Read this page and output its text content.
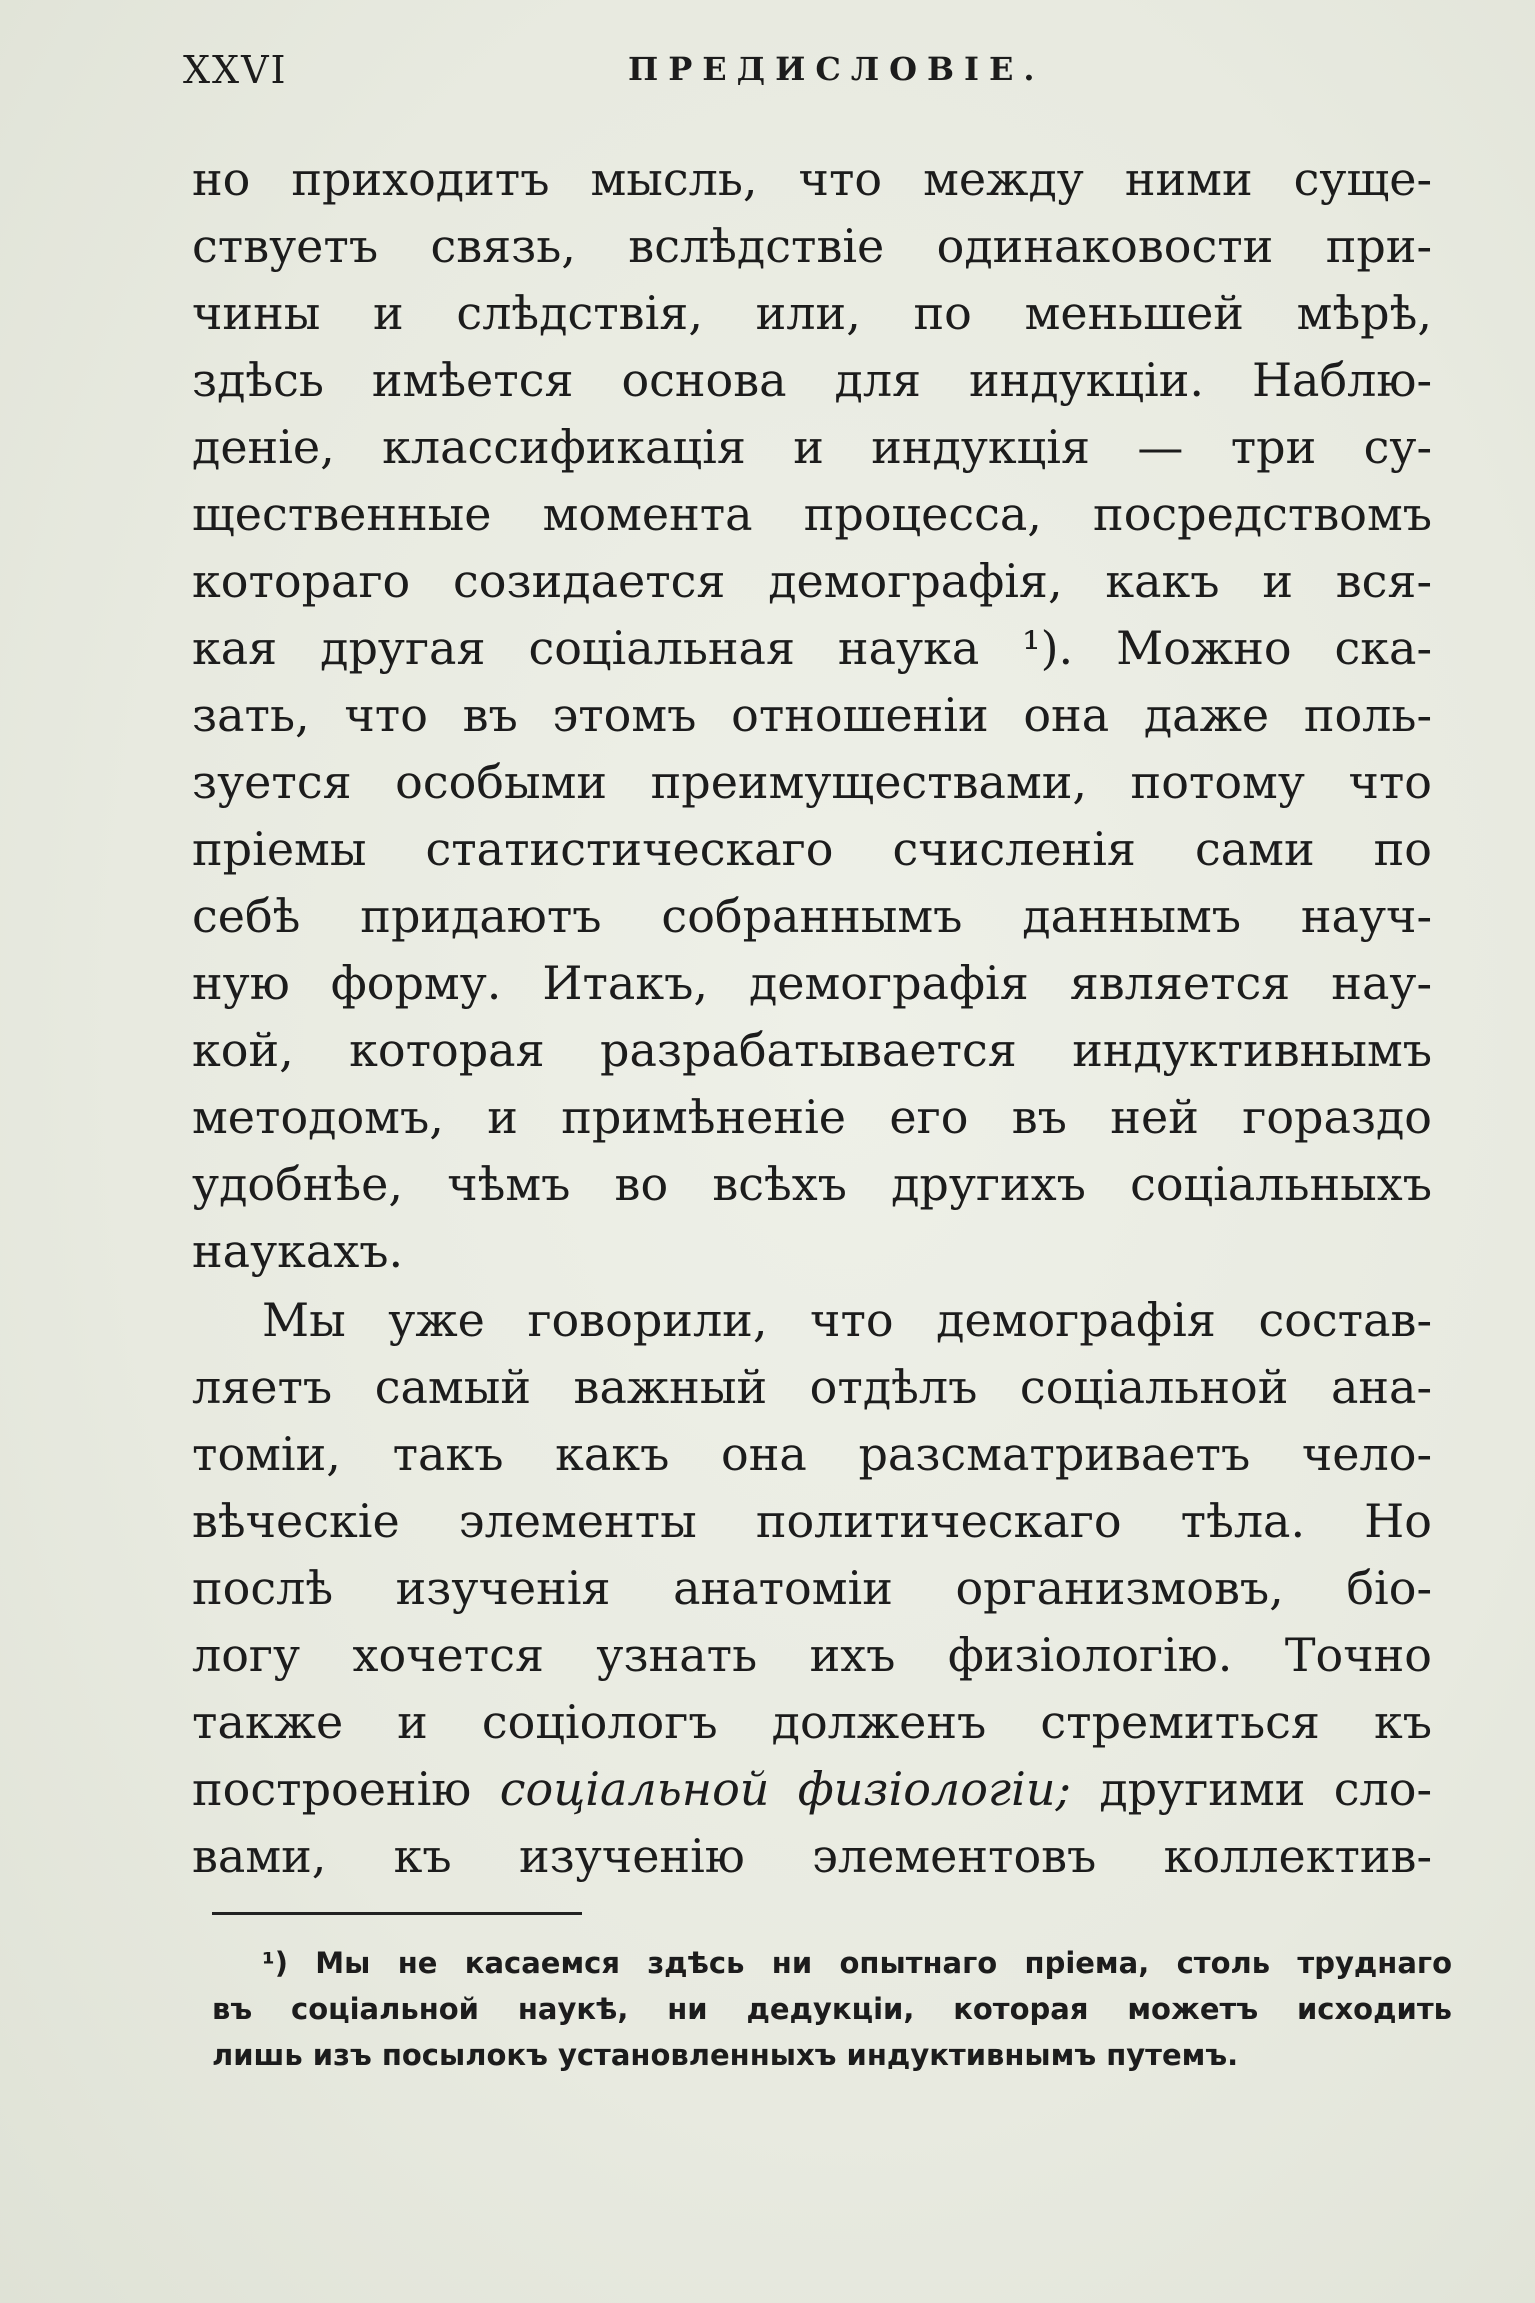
XXVI	ПРЕДИСЛОВІЕ.
но приходитъ мысль, что между ними суще-
ствуетъ связь, вслѣдствіе одинаковости при-
чины и слѣдствія, или, по меньшей мѣрѣ,
здѣсь имѣется основа для индукціи. Наблю-
деніе, классификація и индукція — три су-
щественные момента процесса, посредствомъ
котораго созидается демографія, какъ и вся-
кая другая соціальная наука ¹). Можно ска-
зать, что въ этомъ отношеніи она даже поль-
зуется особыми преимуществами, потому что
пріемы статистическаго счисленія сами по
себѣ придаютъ собраннымъ даннымъ науч-
ную форму. Итакъ, демографія является нау-
кой, которая разрабатывается индуктивнымъ
методомъ, и примѣненіе его въ ней гораздо
удобнѣе, чѣмъ во всѣхъ другихъ соціальныхъ
наукахъ.
Мы уже говорили, что демографія состав-
ляетъ самый важный отдѣлъ соціальной ана-
томіи, такъ какъ она разсматриваетъ чело-
вѣческіе элементы политическаго тѣла. Но
послѣ изученія анатоміи организмовъ, біо-
логу хочется узнать ихъ физіологію. Точно
также и соціологъ долженъ стремиться къ
построенію соціальной физіологіи; другими сло-
вами, къ изученію элементовъ коллектив-
¹) Мы не касаемся здѣсь ни опытнаго пріема, столь труднаго
въ соціальной наукѣ, ни дедукціи, которая можетъ исходить
лишь изъ посылокъ установленныхъ индуктивнымъ путемъ.
